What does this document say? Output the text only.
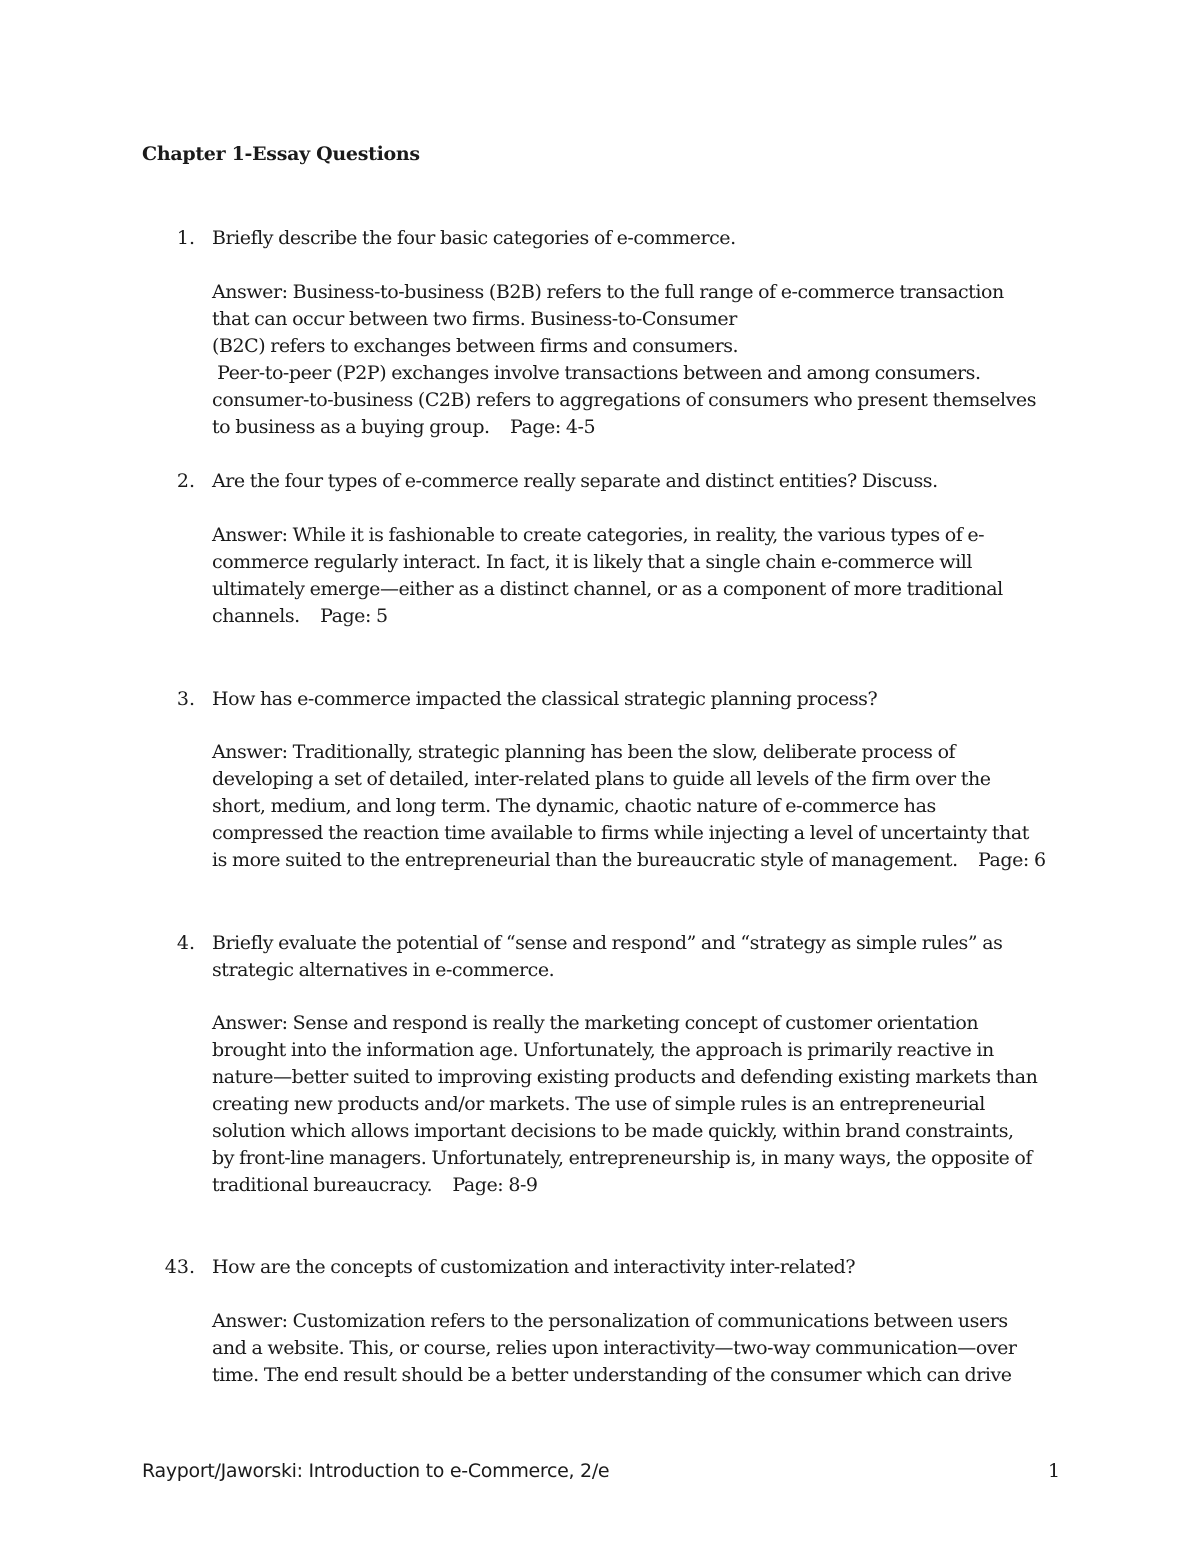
Chapter 1-Essay Questions
1. Briefly describe the four basic categories of e-commerce.
Answer: Business-to-business (B2B) refers to the full range of e-commerce transaction
that can occur between two firms. Business-to-Consumer
(B2C) refers to exchanges between firms and consumers.
Peer-to-peer (P2P) exchanges involve transactions between and among consumers.
consumer-to-business (C2B) refers to aggregations of consumers who present themselves
to business as a buying group.    Page: 4-5
2. Are the four types of e-commerce really separate and distinct entities? Discuss.
Answer: While it is fashionable to create categories, in reality, the various types of e-
commerce regularly interact. In fact, it is likely that a single chain e-commerce will
ultimately emerge—either as a distinct channel, or as a component of more traditional
channels.    Page: 5
3. How has e-commerce impacted the classical strategic planning process?
Answer: Traditionally, strategic planning has been the slow, deliberate process of
developing a set of detailed, inter-related plans to guide all levels of the firm over the
short, medium, and long term. The dynamic, chaotic nature of e-commerce has
compressed the reaction time available to firms while injecting a level of uncertainty that
is more suited to the entrepreneurial than the bureaucratic style of management.    Page: 6
4. Briefly evaluate the potential of “sense and respond” and “strategy as simple rules” as
strategic alternatives in e-commerce.
Answer: Sense and respond is really the marketing concept of customer orientation
brought into the information age. Unfortunately, the approach is primarily reactive in
nature—better suited to improving existing products and defending existing markets than
creating new products and/or markets. The use of simple rules is an entrepreneurial
solution which allows important decisions to be made quickly, within brand constraints,
by front-line managers. Unfortunately, entrepreneurship is, in many ways, the opposite of
traditional bureaucracy.    Page: 8-9
43. How are the concepts of customization and interactivity inter-related?
Answer: Customization refers to the personalization of communications between users
and a website. This, or course, relies upon interactivity—two-way communication—over
time. The end result should be a better understanding of the consumer which can drive
Rayport/Jaworski: Introduction to e-Commerce, 2/e	1
